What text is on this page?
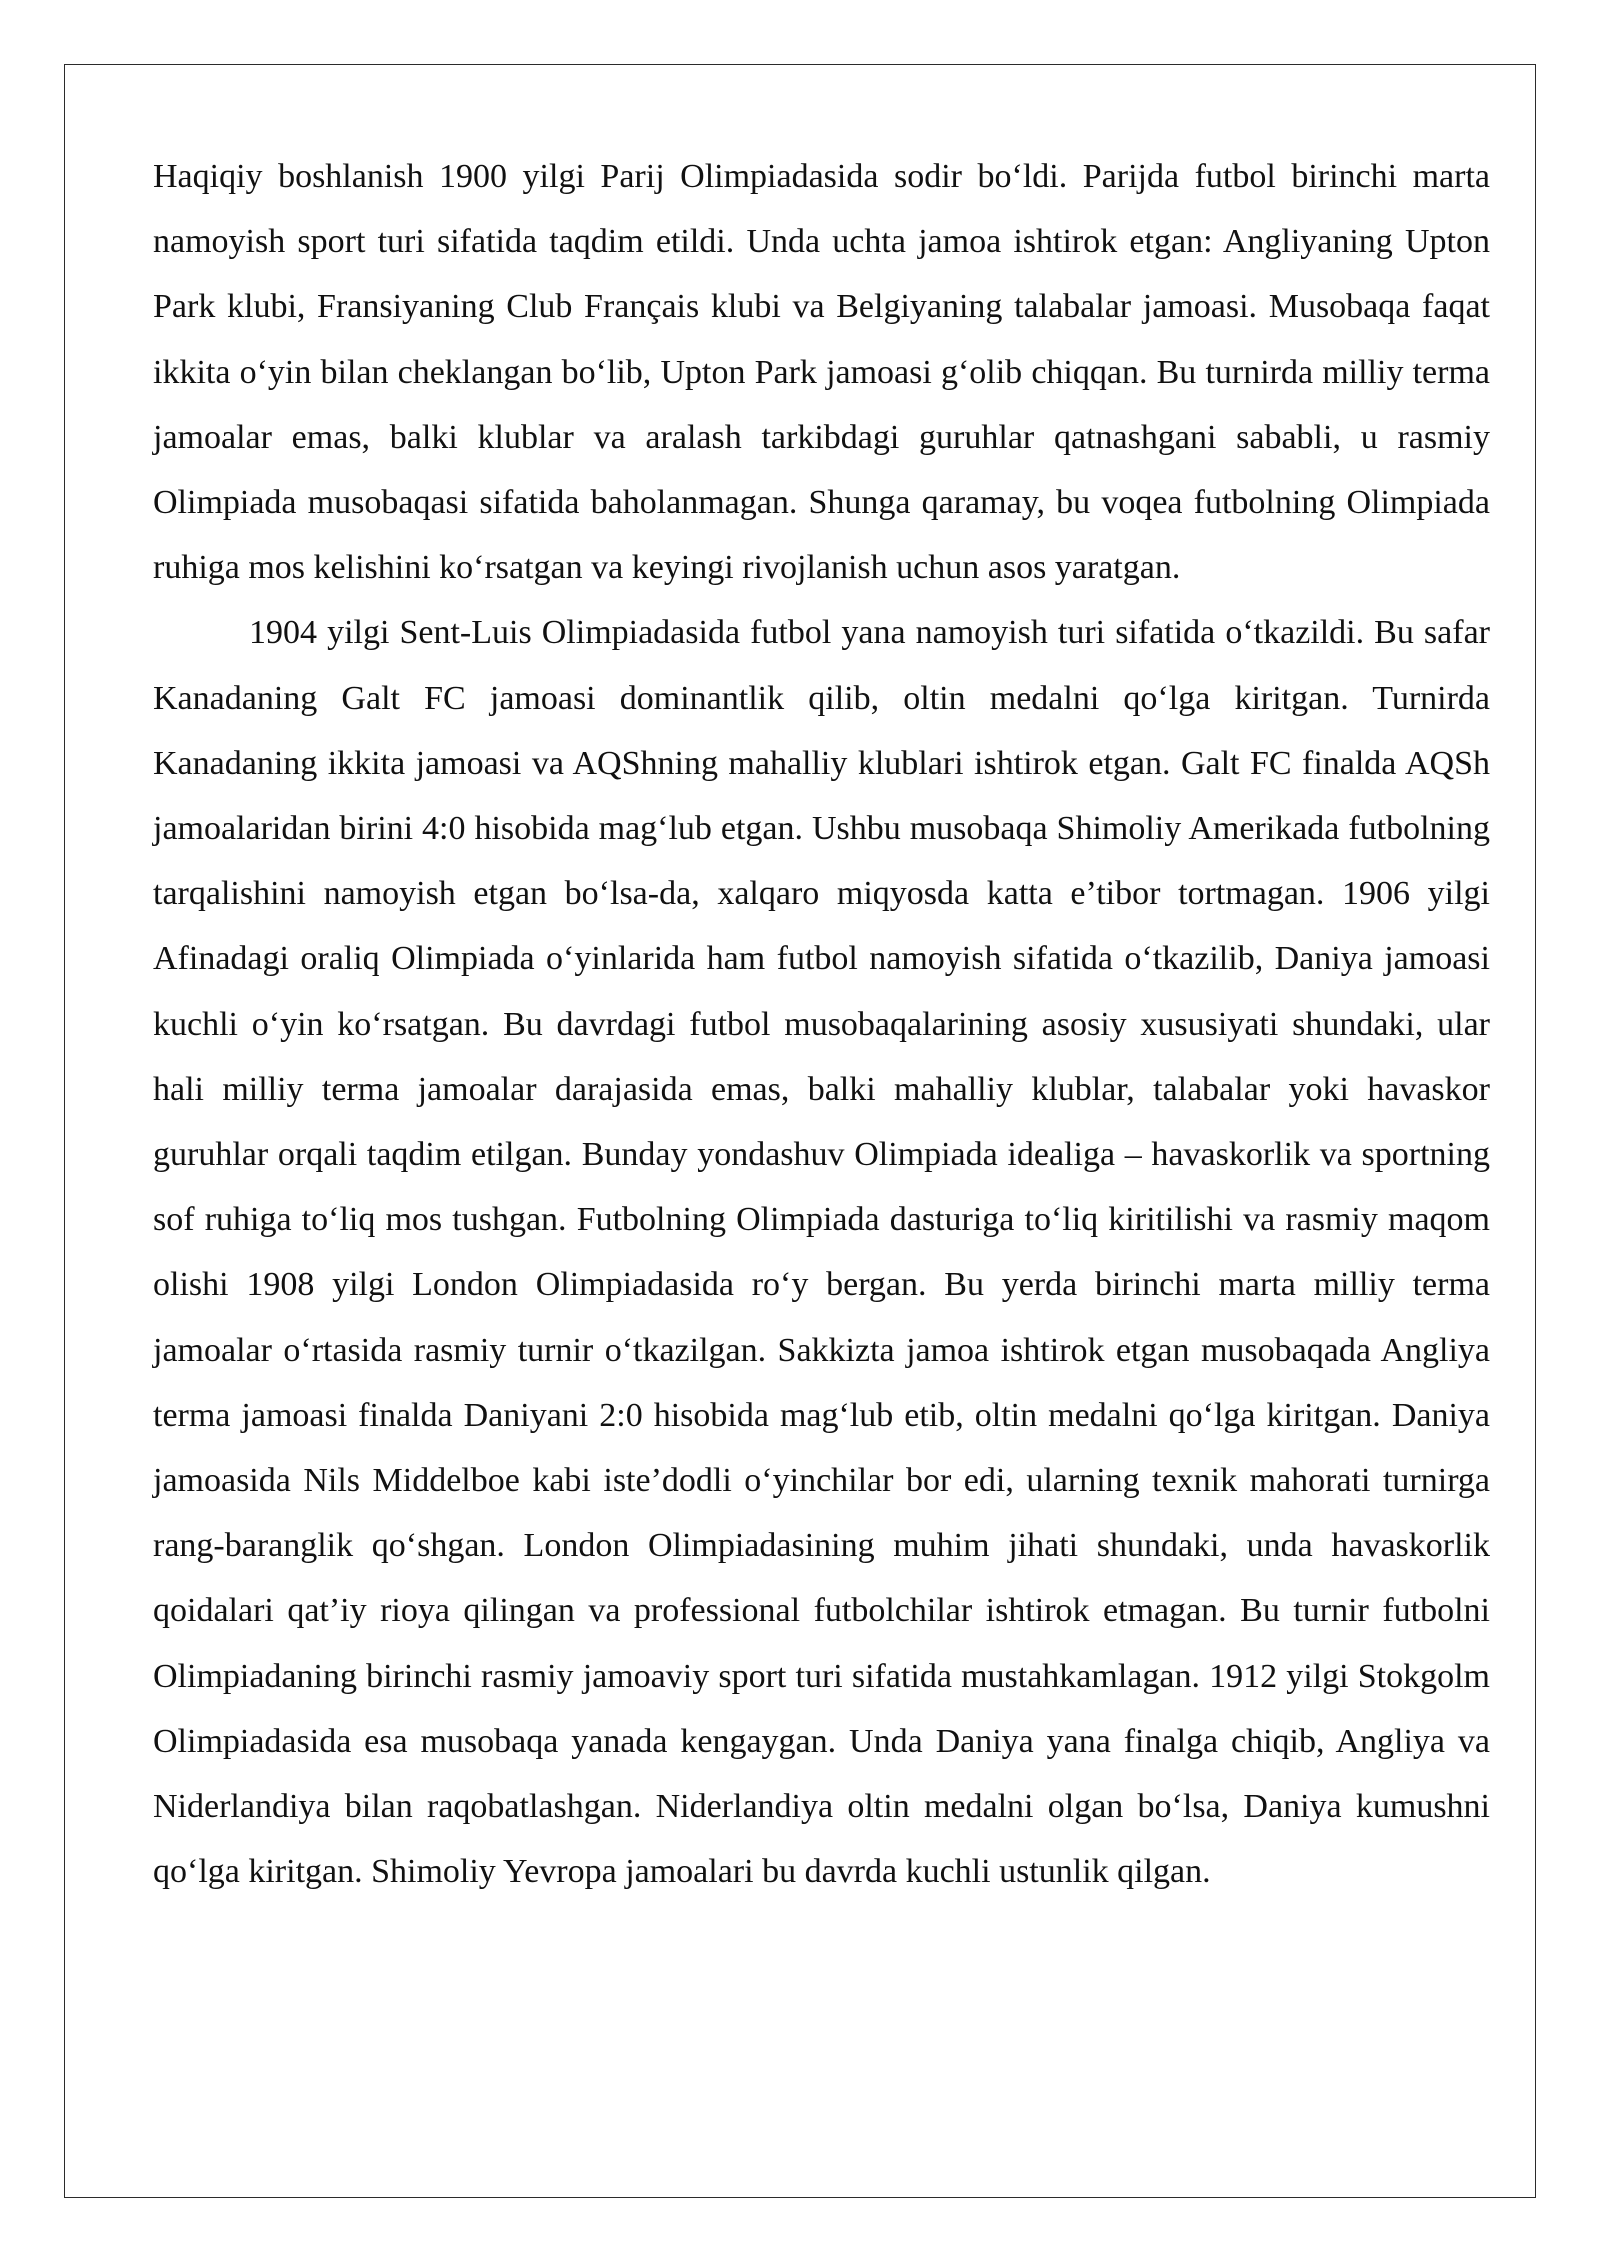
Haqiqiy boshlanish 1900 yilgi Parij Olimpiadasida sodir bo‘ldi. Parijda futbol birinchi marta namoyish sport turi sifatida taqdim etildi. Unda uchta jamoa ishtirok etgan: Angliyaning Upton Park klubi, Fransiyaning Club Français klubi va Belgiyaning talabalar jamoasi. Musobaqa faqat ikkita o‘yin bilan cheklangan bo‘lib, Upton Park jamoasi g‘olib chiqqan. Bu turnirda milliy terma jamoalar emas, balki klublar va aralash tarkibdagi guruhlar qatnashgani sababli, u rasmiy Olimpiada musobaqasi sifatida baholanmagan. Shunga qaramay, bu voqea futbolning Olimpiada ruhiga mos kelishini ko‘rsatgan va keyingi rivojlanish uchun asos yaratgan.

1904 yilgi Sent-Luis Olimpiadasida futbol yana namoyish turi sifatida o‘tkazildi. Bu safar Kanadaning Galt FC jamoasi dominantlik qilib, oltin medalni qo‘lga kiritgan. Turnirda Kanadaning ikkita jamoasi va AQShning mahalliy klublari ishtirok etgan. Galt FC finalda AQSh jamoalaridan birini 4:0 hisobida mag‘lub etgan. Ushbu musobaqa Shimoliy Amerikada futbolning tarqalishini namoyish etgan bo‘lsa-da, xalqaro miqyosda katta e’tibor tortmagan. 1906 yilgi Afinadagi oraliq Olimpiada o‘yinlarida ham futbol namoyish sifatida o‘tkazilib, Daniya jamoasi kuchli o‘yin ko‘rsatgan. Bu davrdagi futbol musobaqalarining asosiy xususiyati shundaki, ular hali milliy terma jamoalar darajasida emas, balki mahalliy klublar, talabalar yoki havaskor guruhlar orqali taqdim etilgan. Bunday yondashuv Olimpiada idealiga – havaskorlik va sportning sof ruhiga to‘liq mos tushgan. Futbolning Olimpiada dasturiga to‘liq kiritilishi va rasmiy maqom olishi 1908 yilgi London Olimpiadasida ro‘y bergan. Bu yerda birinchi marta milliy terma jamoalar o‘rtasida rasmiy turnir o‘tkazilgan. Sakkizta jamoa ishtirok etgan musobaqada Angliya terma jamoasi finalda Daniyani 2:0 hisobida mag‘lub etib, oltin medalni qo‘lga kiritgan. Daniya jamoasida Nils Middelboe kabi iste’dodli o‘yinchilar bor edi, ularning texnik mahorati turnirga rang-baranglik qo‘shgan. London Olimpiadasining muhim jihati shundaki, unda havaskorlik qoidalari qat’iy rioya qilingan va professional futbolchilar ishtirok etmagan. Bu turnir futbolni Olimpiadaning birinchi rasmiy jamoaviy sport turi sifatida mustahkamlagan. 1912 yilgi Stokgolm Olimpiadasida esa musobaqa yanada kengaygan. Unda Daniya yana finalga chiqib, Angliya va Niderlandiya bilan raqobatlashgan. Niderlandiya oltin medalni olgan bo‘lsa, Daniya kumushni qo‘lga kiritgan. Shimoliy Yevropa jamoalari bu davrda kuchli ustunlik qilgan.
